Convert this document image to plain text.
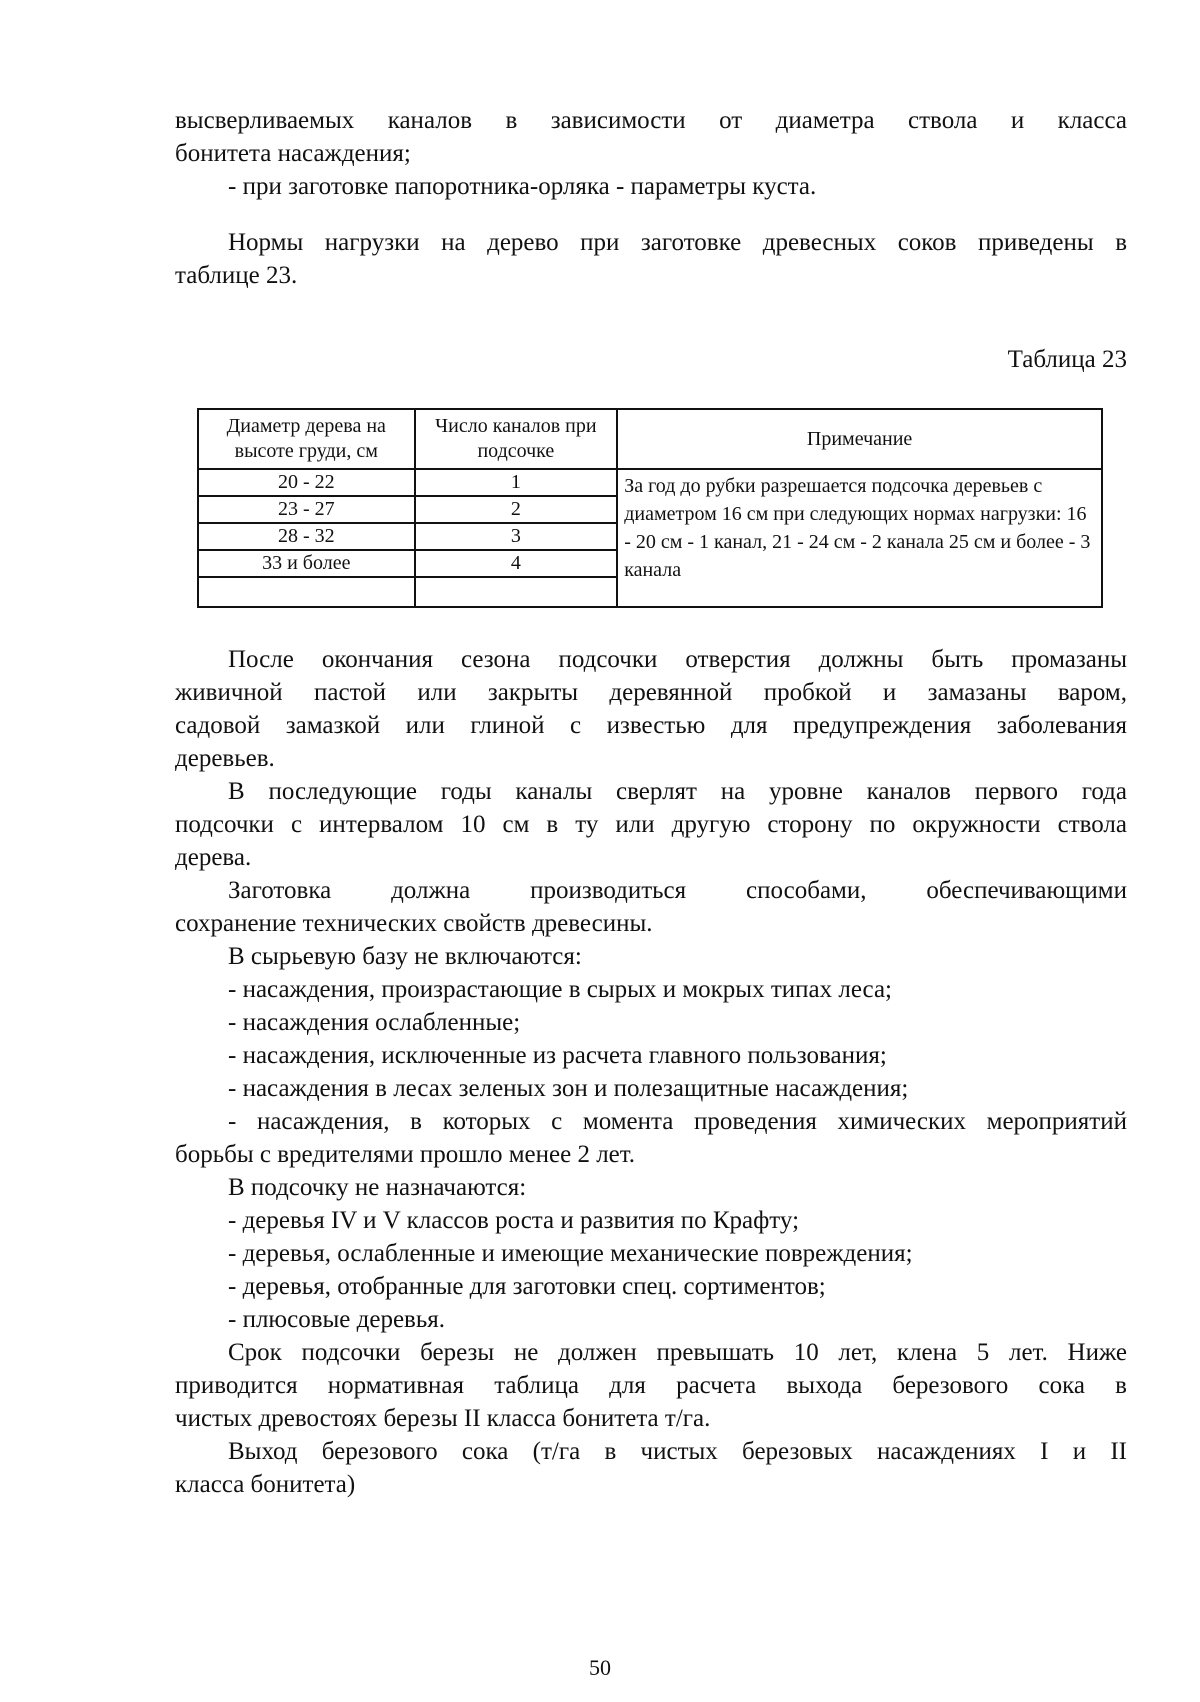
высверливаемых каналов в зависимости от диаметра ствола и класса

бонитета насаждения;

- при заготовке папоротника-орляка - параметры куста.

Нормы нагрузки на дерево при заготовке древесных соков приведены в

таблице 23.

Таблица 23
Диаметр дерева на высоте груди, см	Число каналов при подсочке	Примечание
20 - 22	1	За год до рубки разрешается подсочка деревьев с диаметром 16 см при следующих нормах нагрузки: 16 - 20 см - 1 канал, 21 - 24 см - 2 канала 25 см и более - 3 канала
23 - 27	2	
28 - 32	3	
33 и более	4	

После окончания сезона подсочки отверстия должны быть промазаны

живичной пастой или закрыты деревянной пробкой и замазаны варом,

садовой замазкой или глиной с известью для предупреждения заболевания

деревьев.

В последующие годы каналы сверлят на уровне каналов первого года

подсочки с интервалом 10 см в ту или другую сторону по окружности ствола

дерева.

Заготовка должна производиться способами, обеспечивающими

сохранение технических свойств древесины.

В сырьевую базу не включаются:

- насаждения, произрастающие в сырых и мокрых типах леса;

- насаждения ослабленные;

- насаждения, исключенные из расчета главного пользования;

- насаждения в лесах зеленых зон и полезащитные насаждения;

- насаждения, в которых с момента проведения химических мероприятий

борьбы с вредителями прошло менее 2 лет.

В подсочку не назначаются:

- деревья IV и V классов роста и развития по Крафту;

- деревья, ослабленные и имеющие механические повреждения;

- деревья, отобранные для заготовки спец. сортиментов;

- плюсовые деревья.

Срок подсочки березы не должен превышать 10 лет, клена 5 лет. Ниже

приводится нормативная таблица для расчета выхода березового сока в

чистых древостоях березы II класса бонитета т/га.

Выход березового сока (т/га в чистых березовых насаждениях I и II

класса бонитета)

50
